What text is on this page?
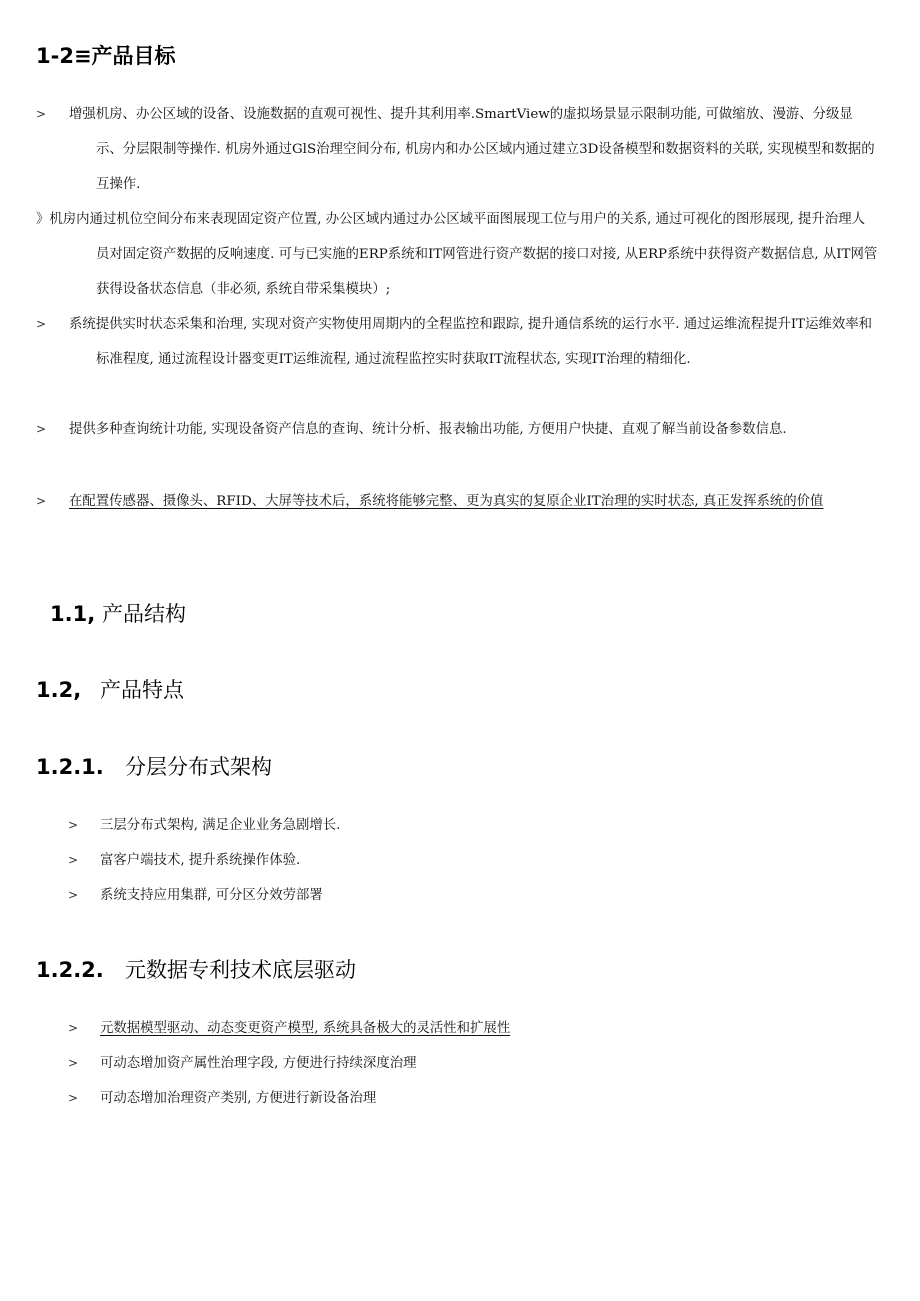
1-2≡产品目标

> 增强机房、办公区域的设备、设施数据的直观可视性、提升其利用率.SmartView的虚拟场景显示限制功能, 可做缩放、漫游、分级显示、分层限制等操作. 机房外通过GlS治理空间分布, 机房内和办公区域内通过建立3D设备模型和数据资料的关联, 实现模型和数据的互操作.

》机房内通过机位空间分布来表现固定资产位置, 办公区域内通过办公区域平面图展现工位与用户的关系, 通过可视化的图形展现, 提升治理人员对固定资产数据的反响速度. 可与已实施的ERP系统和IT网管进行资产数据的接口对接, 从ERP系统中获得资产数据信息, 从IT网管获得设备状态信息（非必须, 系统自带采集模块）;

> 系统提供实时状态采集和治理, 实现对资产实物使用周期内的全程监控和跟踪, 提升通信系统的运行水平. 通过运维流程提升IT运维效率和标准程度, 通过流程设计器变更IT运维流程, 通过流程监控实时获取IT流程状态, 实现IT治理的精细化.

> 提供多种查询统计功能, 实现设备资产信息的查询、统计分析、报表输出功能, 方便用户快捷、直观了解当前设备参数信息.

> 在配置传感器、摄像头、RFID、大屏等技术后，系统将能够完整、更为真实的复原企业IT治理的实时状态, 真正发挥系统的价值

1.1, 产品结构
1.2, 产品特点
1.2.1. 分层分布式架构
> 三层分布式架构, 满足企业业务急剧增长.
> 富客户端技术, 提升系统操作体验.
> 系统支持应用集群, 可分区分效劳部署
1.2.2. 元数据专利技术底层驱动
> 元数据模型驱动、动态变更资产模型, 系统具备极大的灵活性和扩展性
> 可动态增加资产属性治理字段, 方便进行持续深度治理
> 可动态增加治理资产类别, 方便进行新设备治理
